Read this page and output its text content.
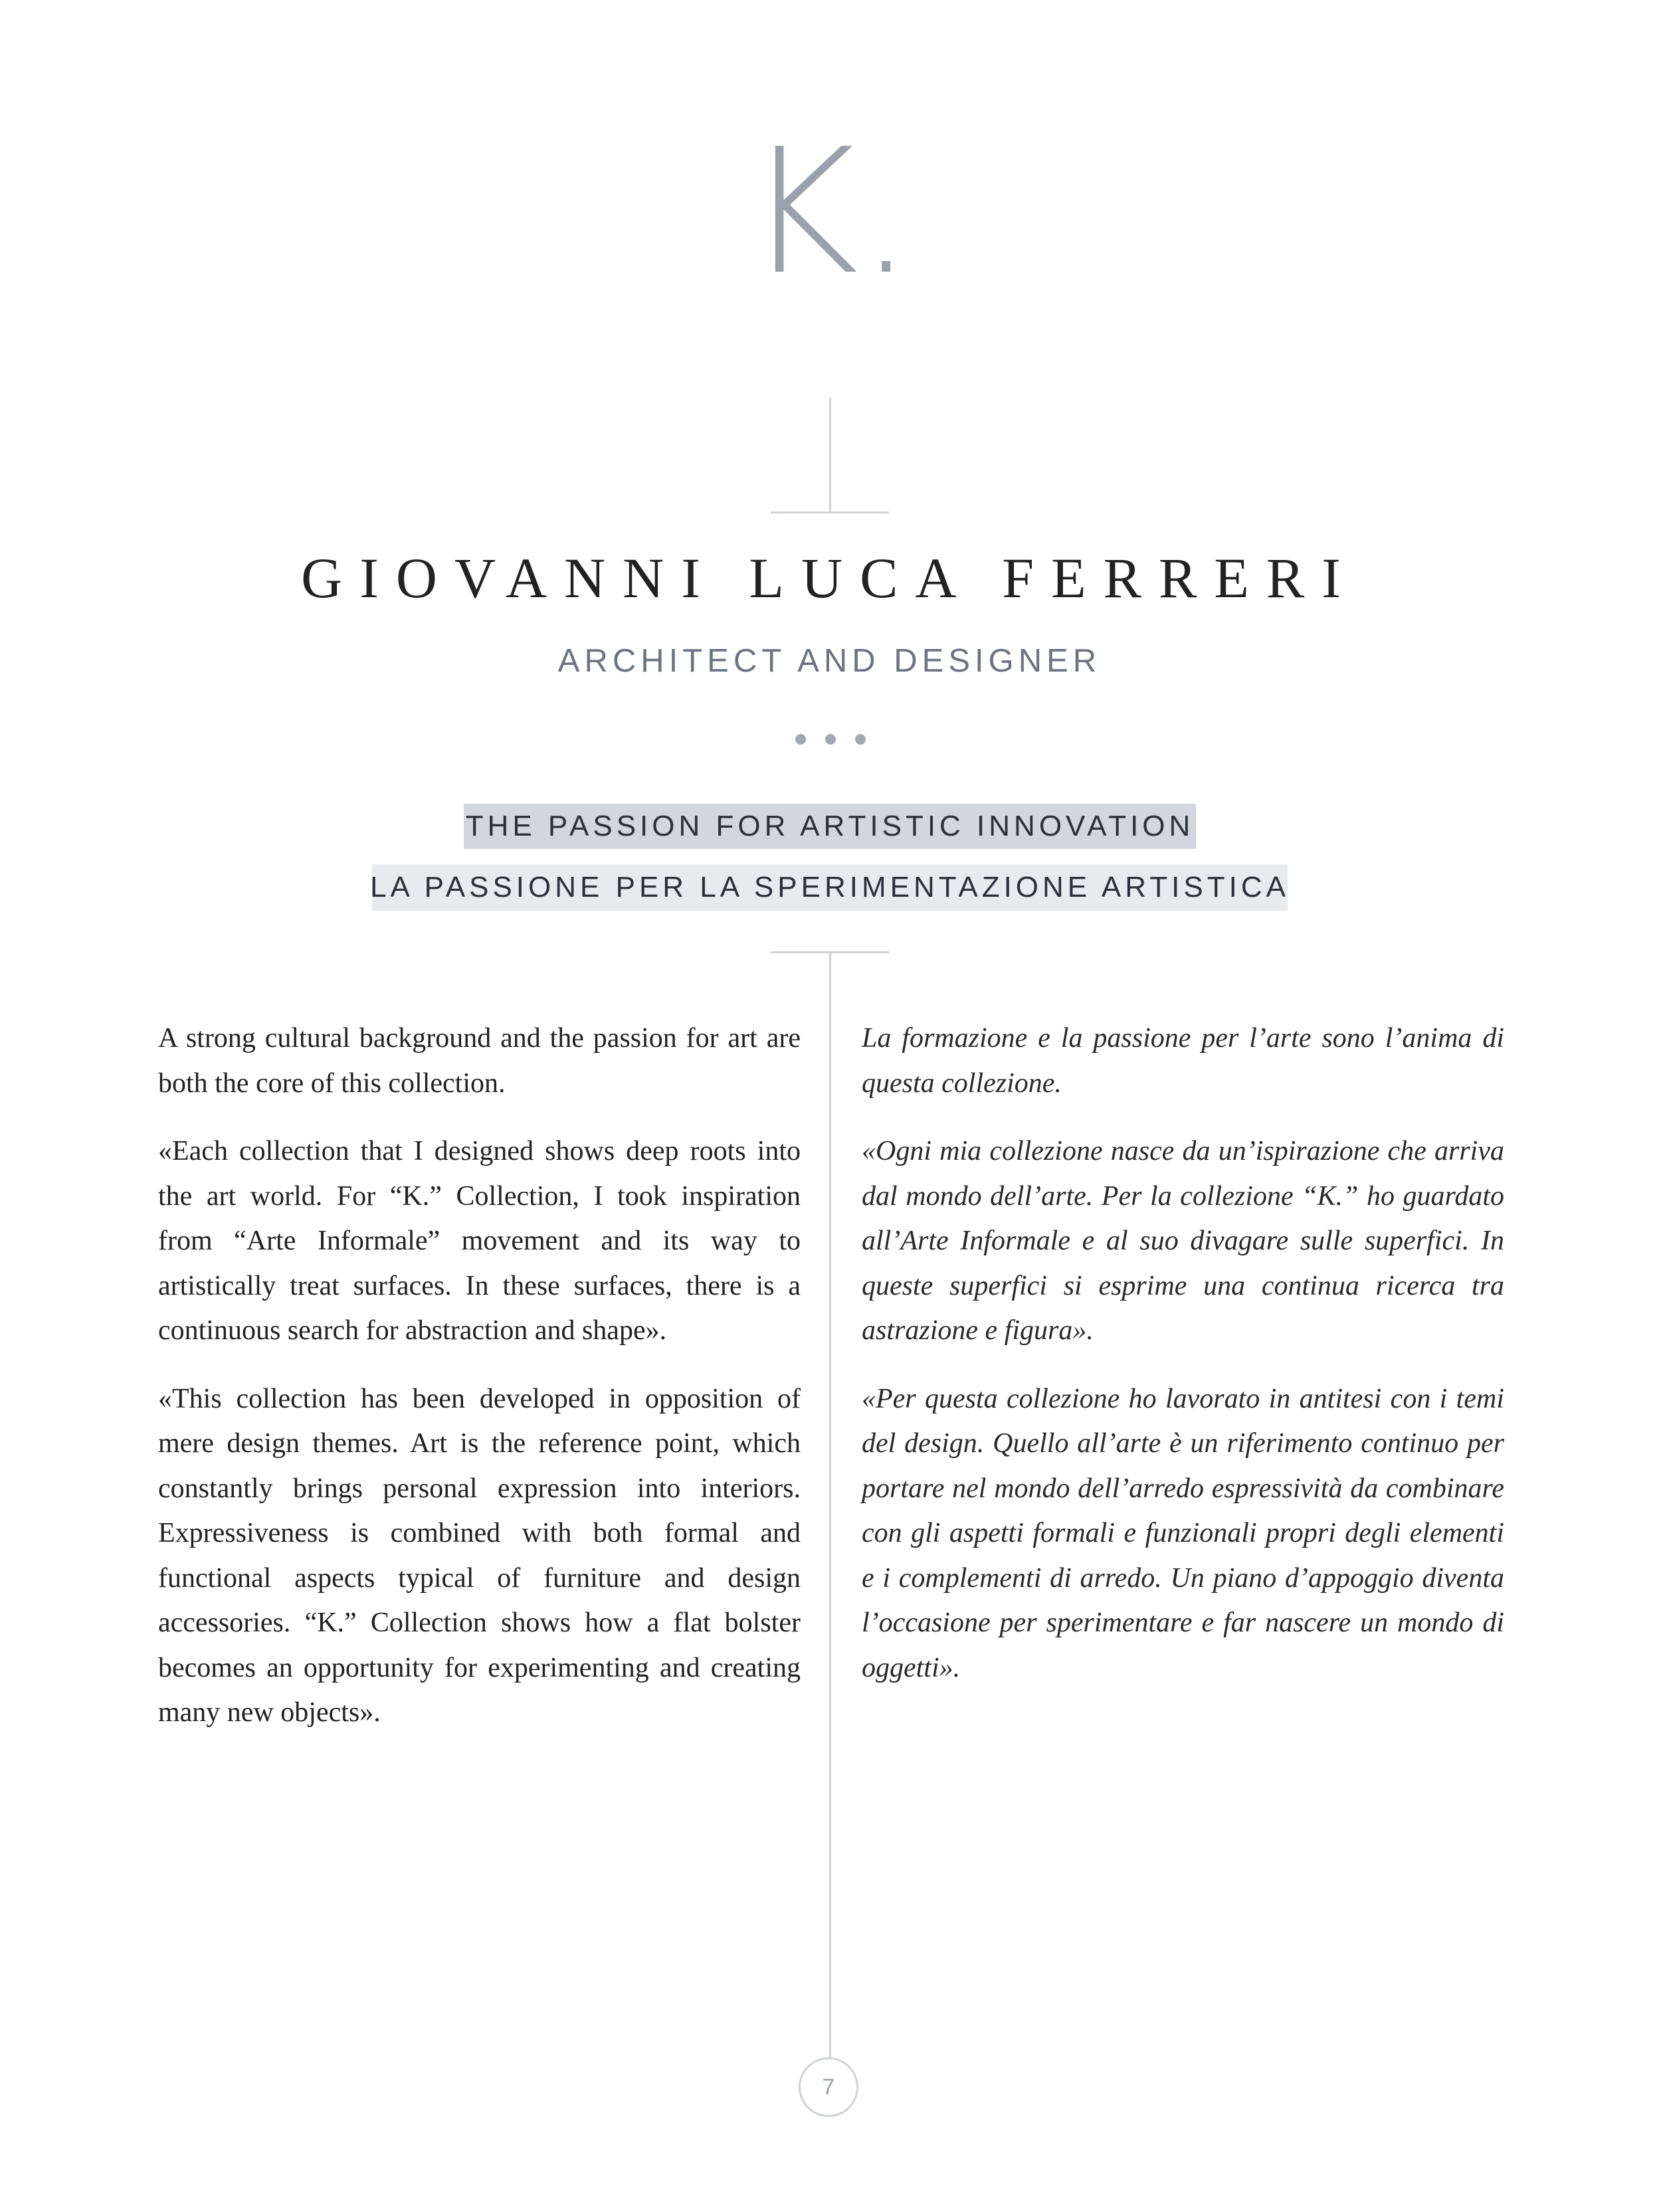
K.
GIOVANNI LUCA FERRERI
ARCHITECT AND DESIGNER
THE PASSION FOR ARTISTIC INNOVATION
LA PASSIONE PER LA SPERIMENTAZIONE ARTISTICA

A strong cultural background and the passion for art are both the core of this collection.

«Each collection that I designed shows deep roots into the art world. For “K.” Collection, I took inspiration from “Arte Informale” movement and its way to artistically treat surfaces. In these surfaces, there is a continuous search for abstraction and shape».

«This collection has been developed in opposition of mere design themes. Art is the reference point, which constantly brings personal expression into interiors. Expressiveness is combined with both formal and functional aspects typical of furniture and design accessories. “K.” Collection shows how a flat bolster becomes an opportunity for experimenting and creating many new objects».

La formazione e la passione per l’arte sono l’anima di questa collezione.

«Ogni mia collezione nasce da un’ispirazione che arriva dal mondo dell’arte. Per la collezione “K.” ho guardato all’Arte Informale e al suo divagare sulle superfici. In queste superfici si esprime una continua ricerca tra astrazione e figura».

«Per questa collezione ho lavorato in antitesi con i temi del design. Quello all’arte è un riferimento continuo per portare nel mondo dell’arredo espressività da combinare con gli aspetti formali e funzionali propri degli elementi e i complementi di arredo. Un piano d’appoggio diventa l’occasione per sperimentare e far nascere un mondo di oggetti».

7
